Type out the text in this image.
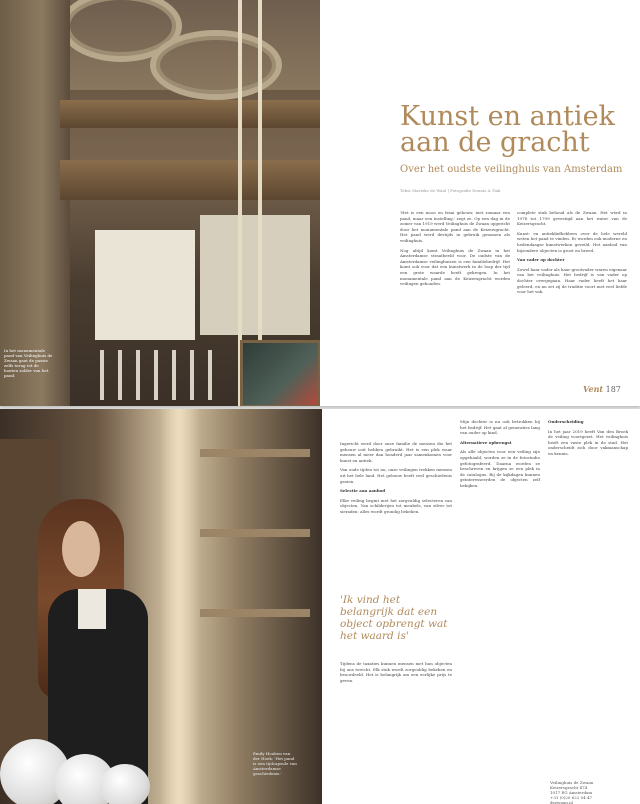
In het monumentale pand van Veilinghuis de Zwaan gaat de passie zelfs terug tot de houten zolder van het pand.
Kunst en antiek aan de gracht

Over het oudste veilinghuis van Amsterdam

Tekst Marieke de Waal | Fotografie Dennis A Tiak

'Het is een mooi en fraai gebouw, niet zomaar een pand, maar een instelling,' zegt ze. Op een dag in de zomer van 1919 werd Veilinghuis de Zwaan opgericht door het monumentale pand aan de Keizersgracht. Het pand werd destijds in gebruik genomen als veilinghuis.

Nog altijd komt Veilinghuis de Zwaan in het Amsterdamse straatbeeld voor. De oudste van de Amsterdamse veilinghuizen is een familiebedrijf. Het komt ook voor dat een kunstwerk in de loop der tijd een grote waarde heeft gekregen. In het monumentale pand aan de Keizersgracht worden veilingen gehouden.

complete stuk behoud als de Zwaan. Het werd in 1978 tot 1799 gevestigd aan het water van de Keizersgracht.

Kunst- en antiekliefhebbers over de hele wereld weten het pand te vinden. Er worden ook moderne en hedendaagse kunstwerken geveild. Het aanbod van bijzondere objecten is groot en breed.

Van vader op dochter

Zowel haar vader als haar grootvader waren eigenaar van het veilinghuis. Het bedrijf is van vader op dochter overgegaan. Haar vader heeft het haar geleerd, en nu zet zij de traditie voort met veel liefde voor het vak.

Vent 187
Emily Houben van der Hoek: 'Het pand is een tijdcapsule van Amsterdamse geschiedenis.'

Ingericht werd door onze familie de mensen die het gebouw ooit hebben gebruikt. Het is een plek waar mensen al meer dan honderd jaar samenkomen voor kunst en antiek.

Van oude tijden tot nu, onze veilingen trekken mensen uit het hele land. Het gebouw heeft veel geschiedenis gezien.

Selectie aan aanbod

Elke veiling begint met het zorgvuldig selecteren van objecten. Van schilderijen tot meubels, van zilver tot sieraden: alles wordt grondig bekeken.

'Ik vind het belangrijk dat een object opbrengt wat het waard is'

Tijdens de taxaties kunnen mensen met hun objecten bij ons terecht. Elk stuk wordt zorgvuldig bekeken en beoordeeld. Het is belangrijk om een eerlijke prijs te geven.

Mijn dochter is nu ook betrokken bij het bedrijf. Het gaat al generaties lang van ouder op kind.

Alternatieve opbrengst

Als alle objecten voor een veiling zijn opgehaald, worden ze in de fotostudio gefotografeerd. Daarna worden ze beschreven en krijgen ze een plek in de catalogus. Bij de kijkdagen kunnen geïnteresseerden de objecten zelf bekijken.

Onderscheiding

In het jaar 2019 heeft Van den Broek de veiling voortgezet. Het veilinghuis heeft een vaste plek in de stad. Het onderscheidt zich door vakmanschap en kennis.

Veilinghuis de Zwaan
Keizersgracht 474
1017 EG Amsterdam
+31 (0)20 622 04 47
dezwaan.nl
